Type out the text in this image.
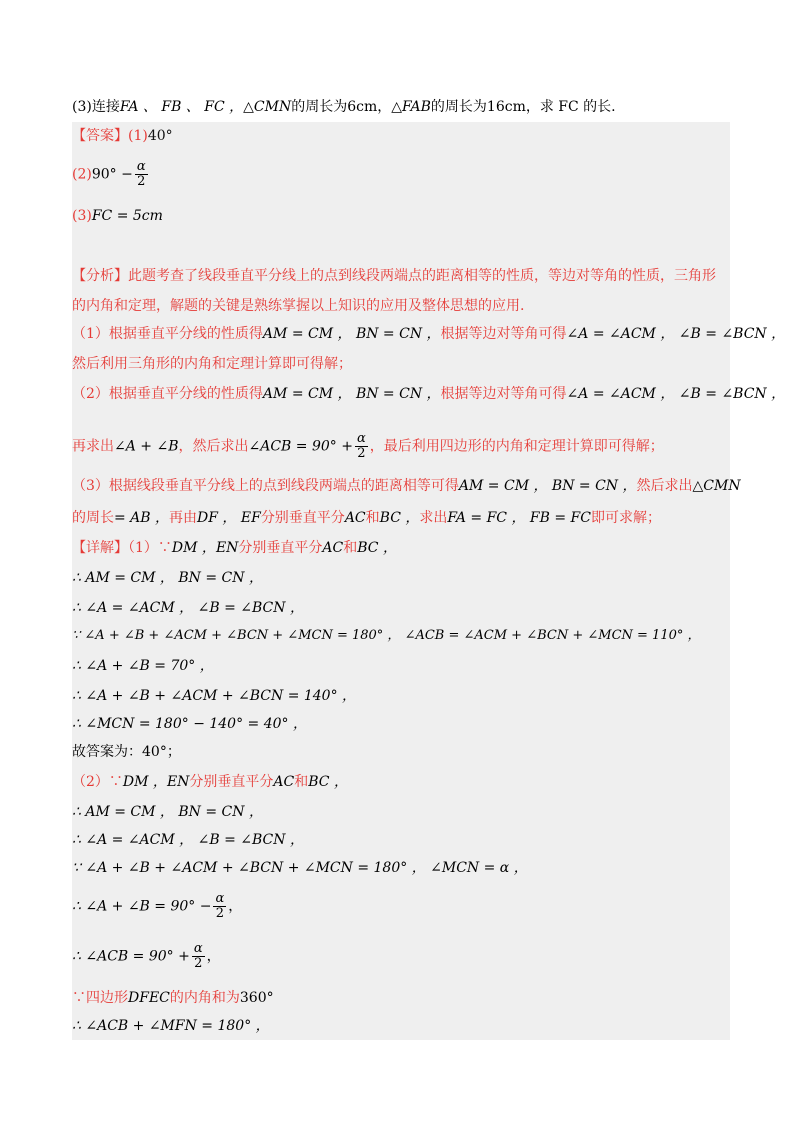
(3)连接FA 、 FB 、 FC ，△CMN的周长为6cm，△FAB的周长为16cm，求 FC 的长.
【答案】(1)40°
$(2)90^\circ - \frac{\alpha}{2}$
(3)FC = 5cm
【分析】此题考查了线段垂直平分线上的点到线段两端点的距离相等的性质，等边对等角的性质，三角形
的内角和定理，解题的关键是熟练掌握以上知识的应用及整体思想的应用.
（1）根据垂直平分线的性质得AM = CM ， BN = CN ，根据等边对等角可得∠A = ∠ACM ， ∠B = ∠BCN ，
然后利用三角形的内角和定理计算即可得解；
（2）根据垂直平分线的性质得AM = CM ， BN = CN ，根据等边对等角可得∠A = ∠ACM ， ∠B = ∠BCN ，
再求出∠A + ∠B，然后求出∠ACB = $90^\circ + \frac{\alpha}{2}$ ，最后利用四边形的内角和定理计算即可得解；
（3）根据线段垂直平分线上的点到线段两端点的距离相等可得AM = CM ， BN = CN ，然后求出△CMN
的周长= AB ，再由DF ， EF分别垂直平分AC和BC ，求出FA = FC ， FB = FC即可求解；
【详解】（1）∵DM ，EN分别垂直平分AC和BC ，
∴ AM = CM ， BN = CN ，
∴ ∠A = ∠ACM ， ∠B = ∠BCN ，
∵ ∠A + ∠B + ∠ACM + ∠BCN + ∠MCN = 180° ， ∠ACB = ∠ACM + ∠BCN + ∠MCN = 110° ，
∴ ∠A + ∠B = 70° ，
∴ ∠A + ∠B + ∠ACM + ∠BCN = 140° ，
∴ ∠MCN = 180° − 140° = 40° ，
故答案为：40°；
（2）∵DM ，EN分别垂直平分AC和BC ，
∴ AM = CM ， BN = CN ，
∴ ∠A = ∠ACM ， ∠B = ∠BCN ，
∵ ∠A + ∠B + ∠ACM + ∠BCN + ∠MCN = 180° ， ∠MCN = α ，
∴ ∠A + ∠B = $90^\circ - \frac{\alpha}{2}$ ，
∴ ∠ACB = $90^\circ + \frac{\alpha}{2}$ ，
∵四边形DFEC的内角和为360°
∴ ∠ACB + ∠MFN = 180° ，
